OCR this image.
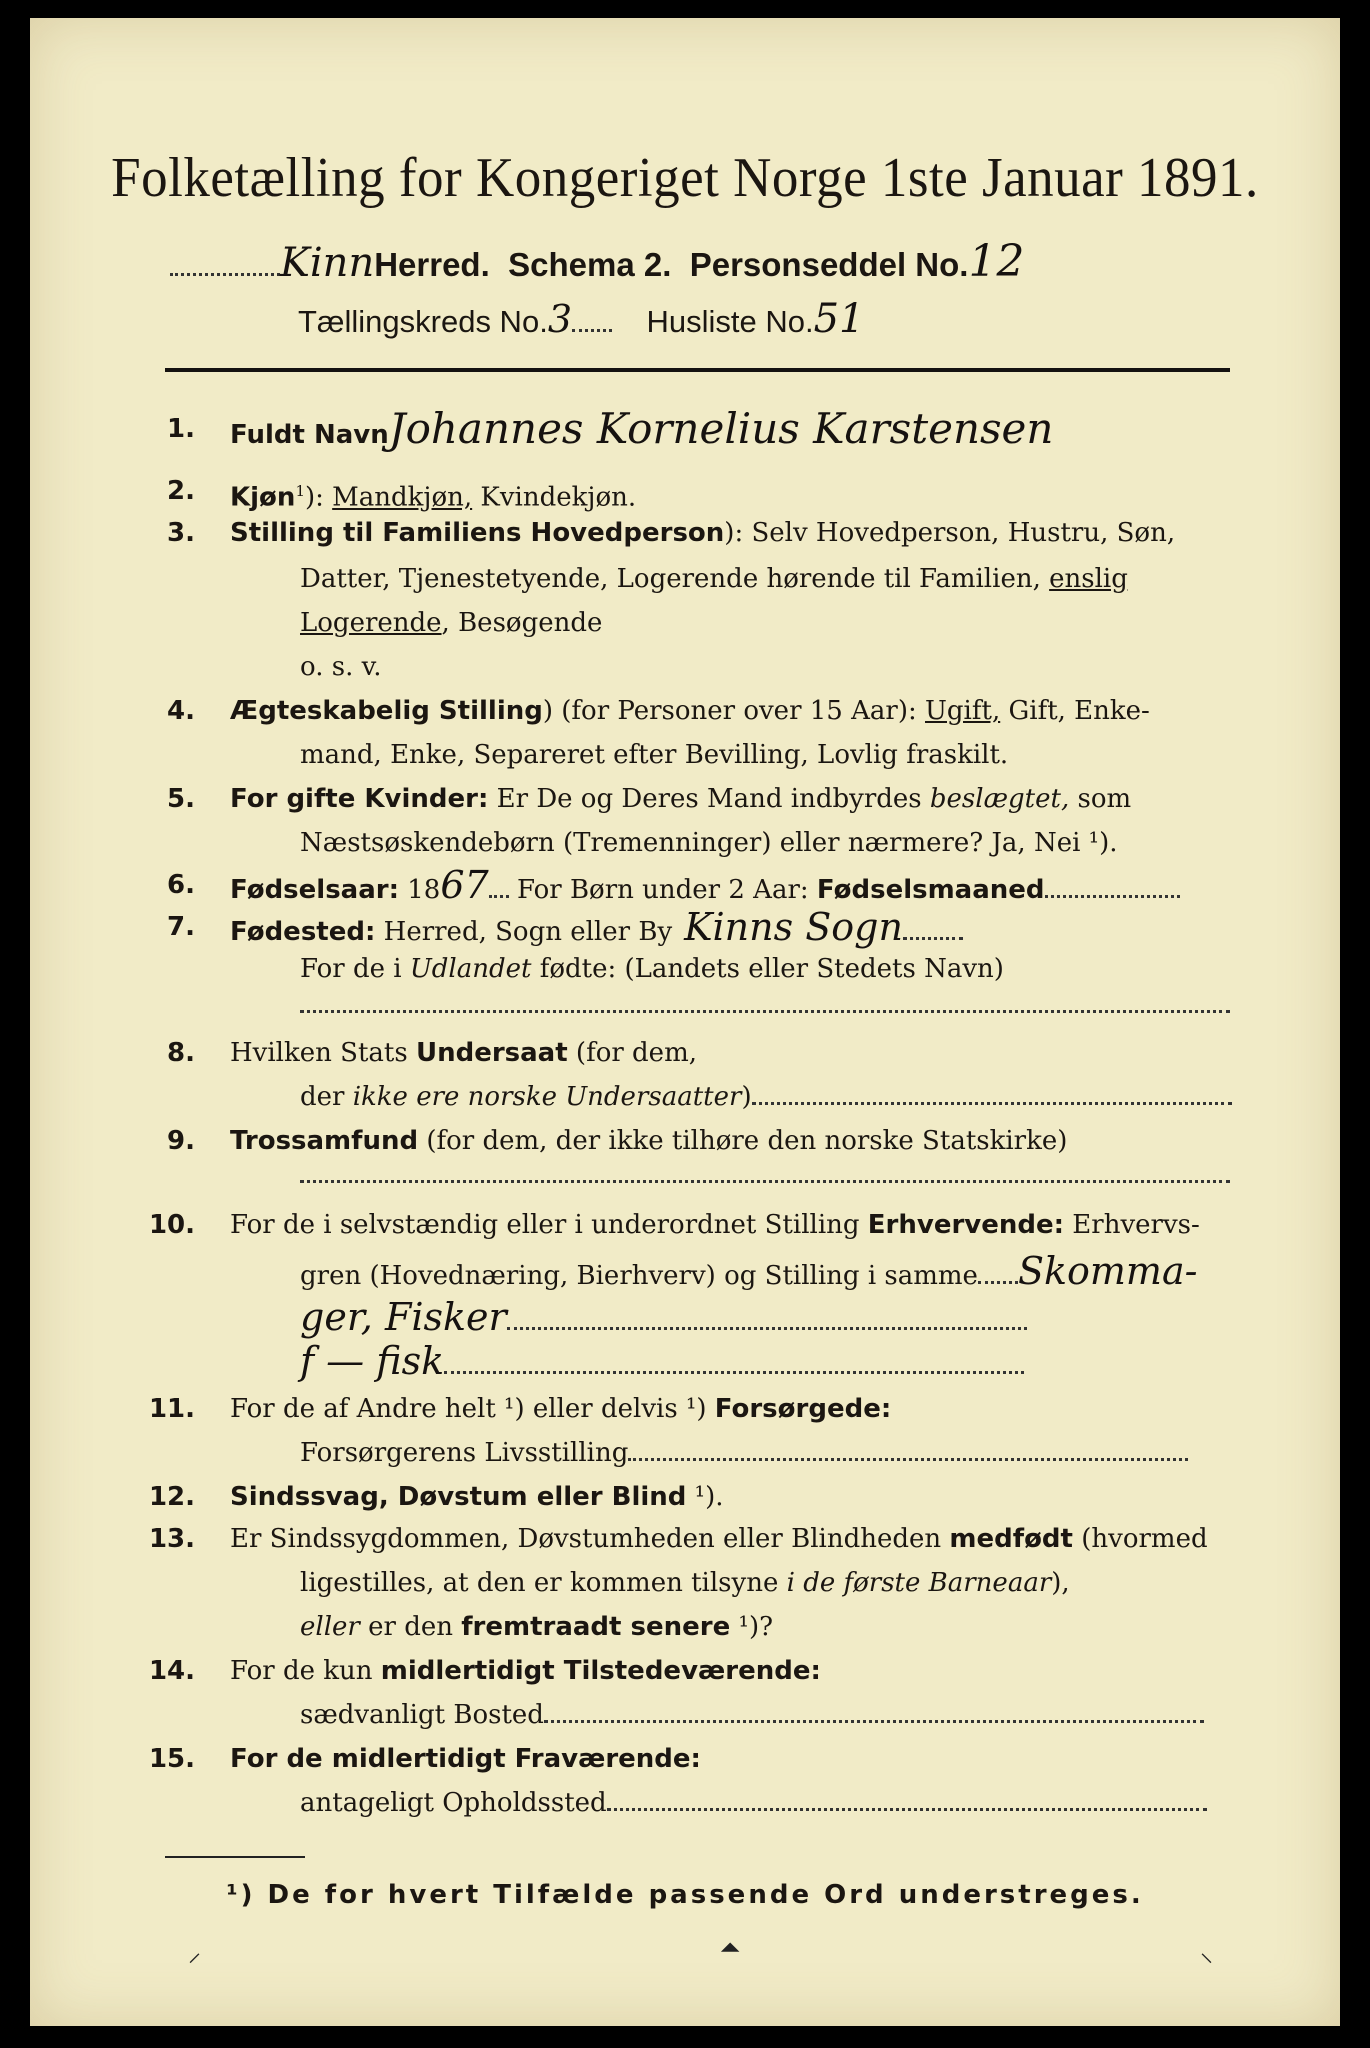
Folketælling for Kongeriget Norge 1ste Januar 1891.
KinnHerred. Schema 2. Personseddel No.12
Tællingskreds No.3 Husliste No.51
1. Fuldt NavnJohannes Kornelius Karstensen
2. Kjøn$^1$): Mandkjøn, Kvindekjøn.
3. Stilling til Familiens Hovedperson): Selv Hovedperson, Hustru, Søn,
Datter, Tjenestetyende, Logerende hørende til Familien, enslig
Logerende, Besøgende
o. s. v.
4. Ægteskabelig Stilling) (for Personer over 15 Aar): Ugift, Gift, Enke-
mand, Enke, Separeret efter Bevilling, Lovlig fraskilt.
5. For gifte Kvinder: Er De og Deres Mand indbyrdes beslægtet, som
Næstsøskendebørn (Tremenninger) eller nærmere? Ja, Nei ¹).
6. Fødselsaar: 1867 For Børn under 2 Aar: Fødselsmaaned
7. Fødested: Herred, Sogn eller By Kinns Sogn
For de i Udlandet fødte: (Landets eller Stedets Navn)
8. Hvilken Stats Undersaat (for dem,
der ikke ere norske Undersaatter)
9. Trossamfund (for dem, der ikke tilhøre den norske Statskirke)
10. For de i selvstændig eller i underordnet Stilling Erhvervende: Erhvervs-
gren (Hovednæring, Bierhverv) og Stilling i samme Skomma-
ger, Fisker
f — fisk
11. For de af Andre helt ¹) eller delvis ¹) Forsørgede:
Forsørgerens Livsstilling
12. Sindssvag, Døvstum eller Blind ¹).
13. Er Sindssygdommen, Døvstumheden eller Blindheden medfødt (hvormed
ligestilles, at den er kommen tilsyne i de første Barneaar),
eller er den fremtraadt senere ¹)?
14. For de kun midlertidigt Tilstedeværende:
sædvanligt Bosted
15. For de midlertidigt Fraværende:
antageligt Opholdssted
¹) De for hvert Tilfælde passende Ord understreges.
⸝	⏶	⸜
